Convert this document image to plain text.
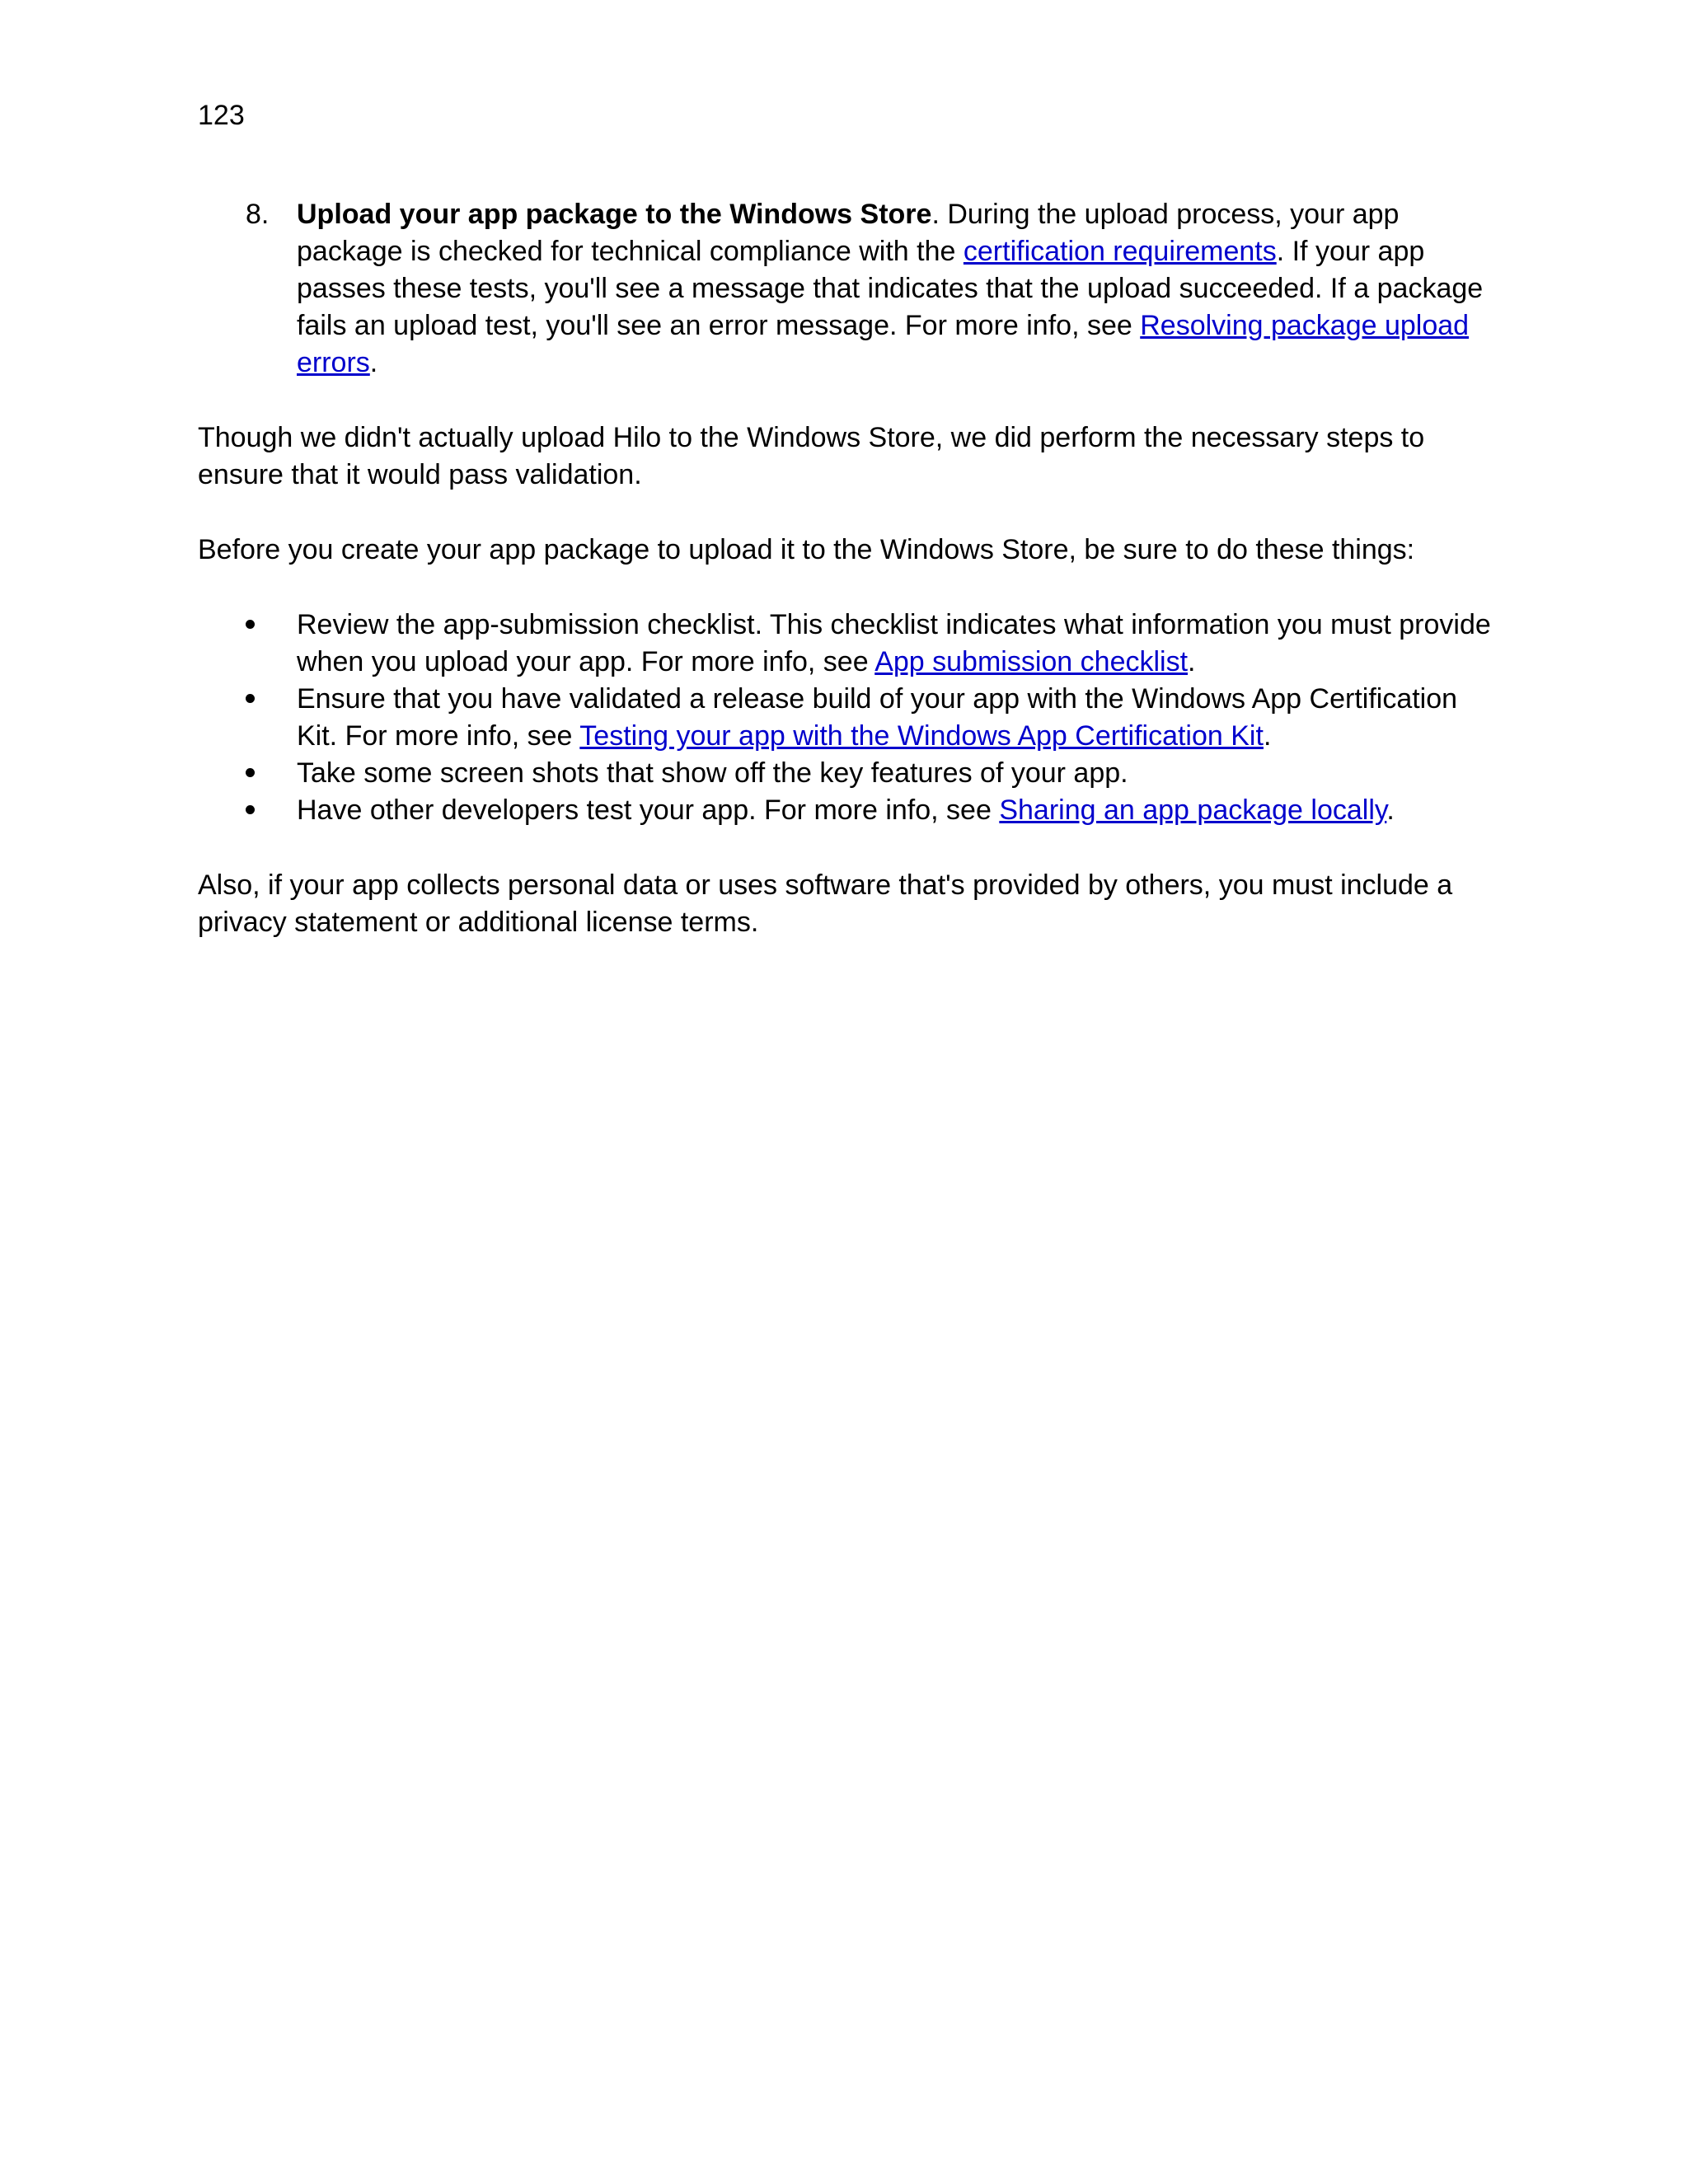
123
8. Upload your app package to the Windows Store. During the upload process, your app package is checked for technical compliance with the certification requirements. If your app passes these tests, you'll see a message that indicates that the upload succeeded. If a package fails an upload test, you'll see an error message. For more info, see Resolving package upload errors.

Though we didn't actually upload Hilo to the Windows Store, we did perform the necessary steps to ensure that it would pass validation.

Before you create your app package to upload it to the Windows Store, be sure to do these things:

Review the app-submission checklist. This checklist indicates what information you must provide when you upload your app. For more info, see App submission checklist.
Ensure that you have validated a release build of your app with the Windows App Certification Kit. For more info, see Testing your app with the Windows App Certification Kit.
Take some screen shots that show off the key features of your app.
Have other developers test your app. For more info, see Sharing an app package locally.

Also, if your app collects personal data or uses software that's provided by others, you must include a privacy statement or additional license terms.
